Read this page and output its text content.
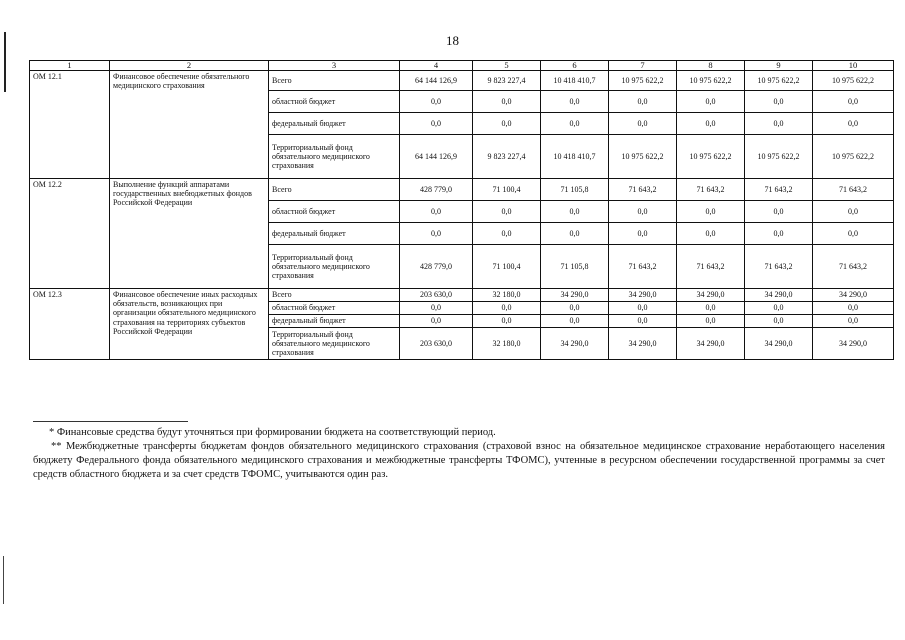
18
1	2	3	4	5	6	7	8	9	10
ОМ 12.1	Финансовое обеспечение обязательного медицинского страхования	Всего	64 144 126,9	9 823 227,4	10 418 410,7	10 975 622,2	10 975 622,2	10 975 622,2	10 975 622,2
		областной бюджет	0,0	0,0	0,0	0,0	0,0	0,0	0,0
		федеральный бюджет	0,0	0,0	0,0	0,0	0,0	0,0	0,0
		Территориальный фонд обязательного медицинского страхования	64 144 126,9	9 823 227,4	10 418 410,7	10 975 622,2	10 975 622,2	10 975 622,2	10 975 622,2
ОМ 12.2	Выполнение функций аппаратами государственных внебюджетных фондов Российской Федерации	Всего	428 779,0	71 100,4	71 105,8	71 643,2	71 643,2	71 643,2	71 643,2
		областной бюджет	0,0	0,0	0,0	0,0	0,0	0,0	0,0
		федеральный бюджет	0,0	0,0	0,0	0,0	0,0	0,0	0,0
		Территориальный фонд обязательного медицинского страхования	428 779,0	71 100,4	71 105,8	71 643,2	71 643,2	71 643,2	71 643,2
ОМ 12.3	Финансовое обеспечение иных расходных обязательств, возникающих при организации обязательного медицинского страхования на территориях субъектов Российской Федерации	Всего	203 630,0	32 180,0	34 290,0	34 290,0	34 290,0	34 290,0	34 290,0
		областной бюджет	0,0	0,0	0,0	0,0	0,0	0,0	0,0
		федеральный бюджет	0,0	0,0	0,0	0,0	0,0	0,0	0,0
		Территориальный фонд обязательного медицинского страхования	203 630,0	32 180,0	34 290,0	34 290,0	34 290,0	34 290,0	34 290,0
* Финансовые средства будут уточняться при формировании бюджета на соответствующий период.
** Межбюджетные трансферты бюджетам фондов обязательного медицинского страхования (страховой взнос на обязательное медицинское страхование неработающего населения бюджету Федерального фонда обязательного медицинского страхования и межбюджетные трансферты ТФОМС), учтенные в ресурсном обеспечении государственной программы за счет средств областного бюджета и за счет средств ТФОМС, учитываются один раз.
